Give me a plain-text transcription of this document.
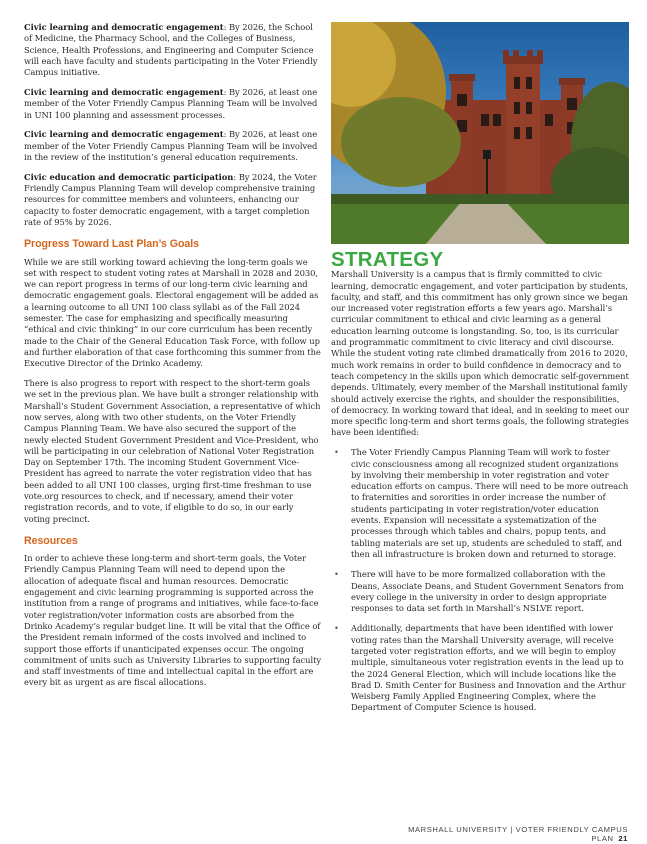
Civic learning and democratic engagement: By 2026, the School of Medicine, the Pharmacy School, and the Colleges of Business, Science, Health Professions, and Engineering and Computer Science will each have faculty and students participating in the Voter Friendly Campus initiative.

Civic learning and democratic engagement: By 2026, at least one member of the Voter Friendly Campus Planning Team will be involved in UNI 100 planning and assessment processes.

Civic learning and democratic engagement: By 2026, at least one member of the Voter Friendly Campus Planning Team will be involved in the review of the institution’s general education requirements.

Civic education and democratic participation: By 2024, the Voter Friendly Campus Planning Team will develop comprehensive training resources for committee members and volunteers, enhancing our capacity to foster democratic engagement, with a target completion rate of 95% by 2026.

Progress Toward Last Plan’s Goals

While we are still working toward achieving the long-term goals we set with respect to student voting rates at Marshall in 2028 and 2030, we can report progress in terms of our long-term civic learning and democratic engagement goals. Electoral engagement will be added as a learning outcome to all UNI 100 class syllabi as of the Fall 2024 semester. The case for emphasizing and specifically measuring “ethical and civic thinking” in our core curriculum has been recently made to the Chair of the General Education Task Force, with follow up and further elaboration of that case forthcoming this summer from the Executive Director of the Drinko Academy.

There is also progress to report with respect to the short-term goals we set in the previous plan. We have built a stronger relationship with Marshall’s Student Government Association, a representative of which now serves, along with two other students, on the Voter Friendly Campus Planning Team. We have also secured the support of the newly elected Student Government President and Vice-President, who will be participating in our celebration of National Voter Registration Day on September 17th. The incoming Student Government Vice-President has agreed to narrate the voter registration video that has been added to all UNI 100 classes, urging first-time freshman to use vote.org resources to check, and if necessary, amend their voter registration records, and to vote, if eligible to do so, in our early voting precinct.

Resources

In order to achieve these long-term and short-term goals, the Voter Friendly Campus Planning Team will need to depend upon the allocation of adequate fiscal and human resources. Democratic engagement and civic learning programming is supported across the institution from a range of programs and initiatives, while face-to-face voter registration/voter information costs are absorbed from the Drinko Academy’s regular budget line. It will be vital that the Office of the President remain informed of the costs involved and inclined to support those efforts if unanticipated expenses occur. The ongoing commitment of units such as University Libraries to supporting faculty and staff investments of time and intellectual capital in the effort are every bit as urgent as are fiscal allocations.

STRATEGY

Marshall University is a campus that is firmly committed to civic learning, democratic engagement, and voter participation by students, faculty, and staff, and this commitment has only grown since we began our increased voter registration efforts a few years ago. Marshall’s curricular commitment to ethical and civic learning as a general education learning outcome is longstanding. So, too, is its curricular and programmatic commitment to civic literacy and civil discourse. While the student voting rate climbed dramatically from 2016 to 2020, much work remains in order to build confidence in democracy and to teach competency in the skills upon which democratic self-government depends. Ultimately, every member of the Marshall institutional family should actively exercise the rights, and shoulder the responsibilities, of democracy. In working toward that ideal, and in seeking to meet our more specific long-term and short terms goals, the following strategies have been identified:

• The Voter Friendly Campus Planning Team will work to foster civic consciousness among all recognized student organizations by involving their membership in voter registration and voter education efforts on campus. There will need to be more outreach to fraternities and sororities in order increase the number of students participating in voter registration/voter education events. Expansion will necessitate a systematization of the processes through which tables and chairs, popup tents, and tabling materials are set up, students are scheduled to staff, and then all infrastructure is broken down and returned to storage.
• There will have to be more formalized collaboration with the Deans, Associate Deans, and Student Government Senators from every college in the university in order to design appropriate responses to data set forth in Marshall’s NSLVE report.
• Additionally, departments that have been identified with lower voting rates than the Marshall University average, will receive targeted voter registration efforts, and we will begin to employ multiple, simultaneous voter registration events in the lead up to the 2024 General Election, which will include locations like the Brad D. Smith Center for Business and Innovation and the Arthur Weisberg Family Applied Engineering Complex, where the Department of Computer Science is housed.
MARSHALL UNIVERSITY | VOTER FRIENDLY CAMPUS PLAN 21
